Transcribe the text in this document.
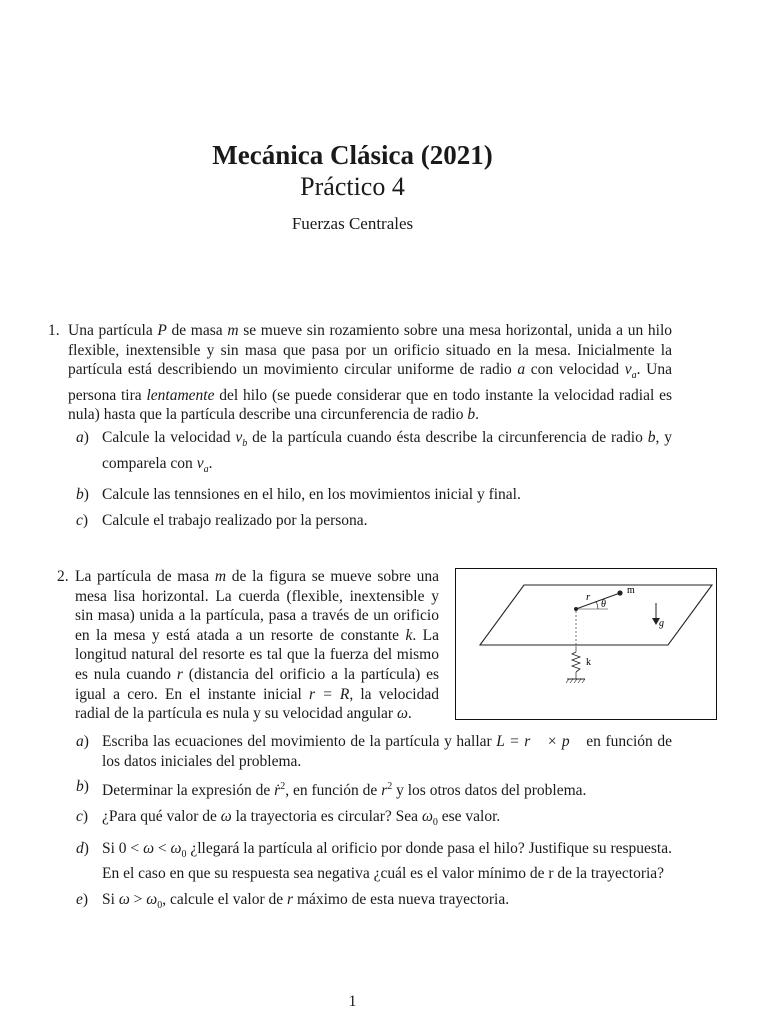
Mecánica Clásica (2021)
Práctico 4
Fuerzas Centrales
1. Una partícula P de masa m se mueve sin rozamiento sobre una mesa horizontal, unida a un hilo flexible, inextensible y sin masa que pasa por un orificio situado en la mesa. Inicialmente la partícula está describiendo un movimiento circular uniforme de radio a con velocidad $v_a$. Una persona tira lentamente del hilo (se puede considerar que en todo instante la velocidad radial es nula) hasta que la partícula describe una circunferencia de radio b.
a) Calcule la velocidad $v_b$ de la partícula cuando ésta describe la circunferencia de radio b, y comparela con $v_a$.
b) Calcule las tennsiones en el hilo, en los movimientos inicial y final.
c) Calcule el trabajo realizado por la persona.
2. La partícula de masa m de la figura se mueve sobre una mesa lisa horizontal. La cuerda (flexible, inextensible y sin masa) unida a la partícula, pasa a través de un orificio en la mesa y está atada a un resorte de constante k. La longitud natural del resorte es tal que la fuerza del mismo es nula cuando r (distancia del orificio a la partícula) es igual a cero. En el instante inicial r = R, la velocidad radial de la partícula es nula y su velocidad angular ω.
r
m
θ
g
k
a) Escriba las ecuaciones del movimiento de la partícula y hallar L = r⃗ × p⃗ en función de los datos iniciales del problema.
b) Determinar la expresión de ṙ$^2$, en función de $r^2$ y los otros datos del problema.
c) ¿Para qué valor de ω la trayectoria es circular? Sea $\omega_0$ ese valor.
d) Si $0 < \omega < \omega_0$ ¿llegará la partícula al orificio por donde pasa el hilo? Justifique su respuesta. En el caso en que su respuesta sea negativa ¿cuál es el valor mínimo de r de la trayectoria?
e) Si $\omega > \omega_0$, calcule el valor de r máximo de esta nueva trayectoria.
1
